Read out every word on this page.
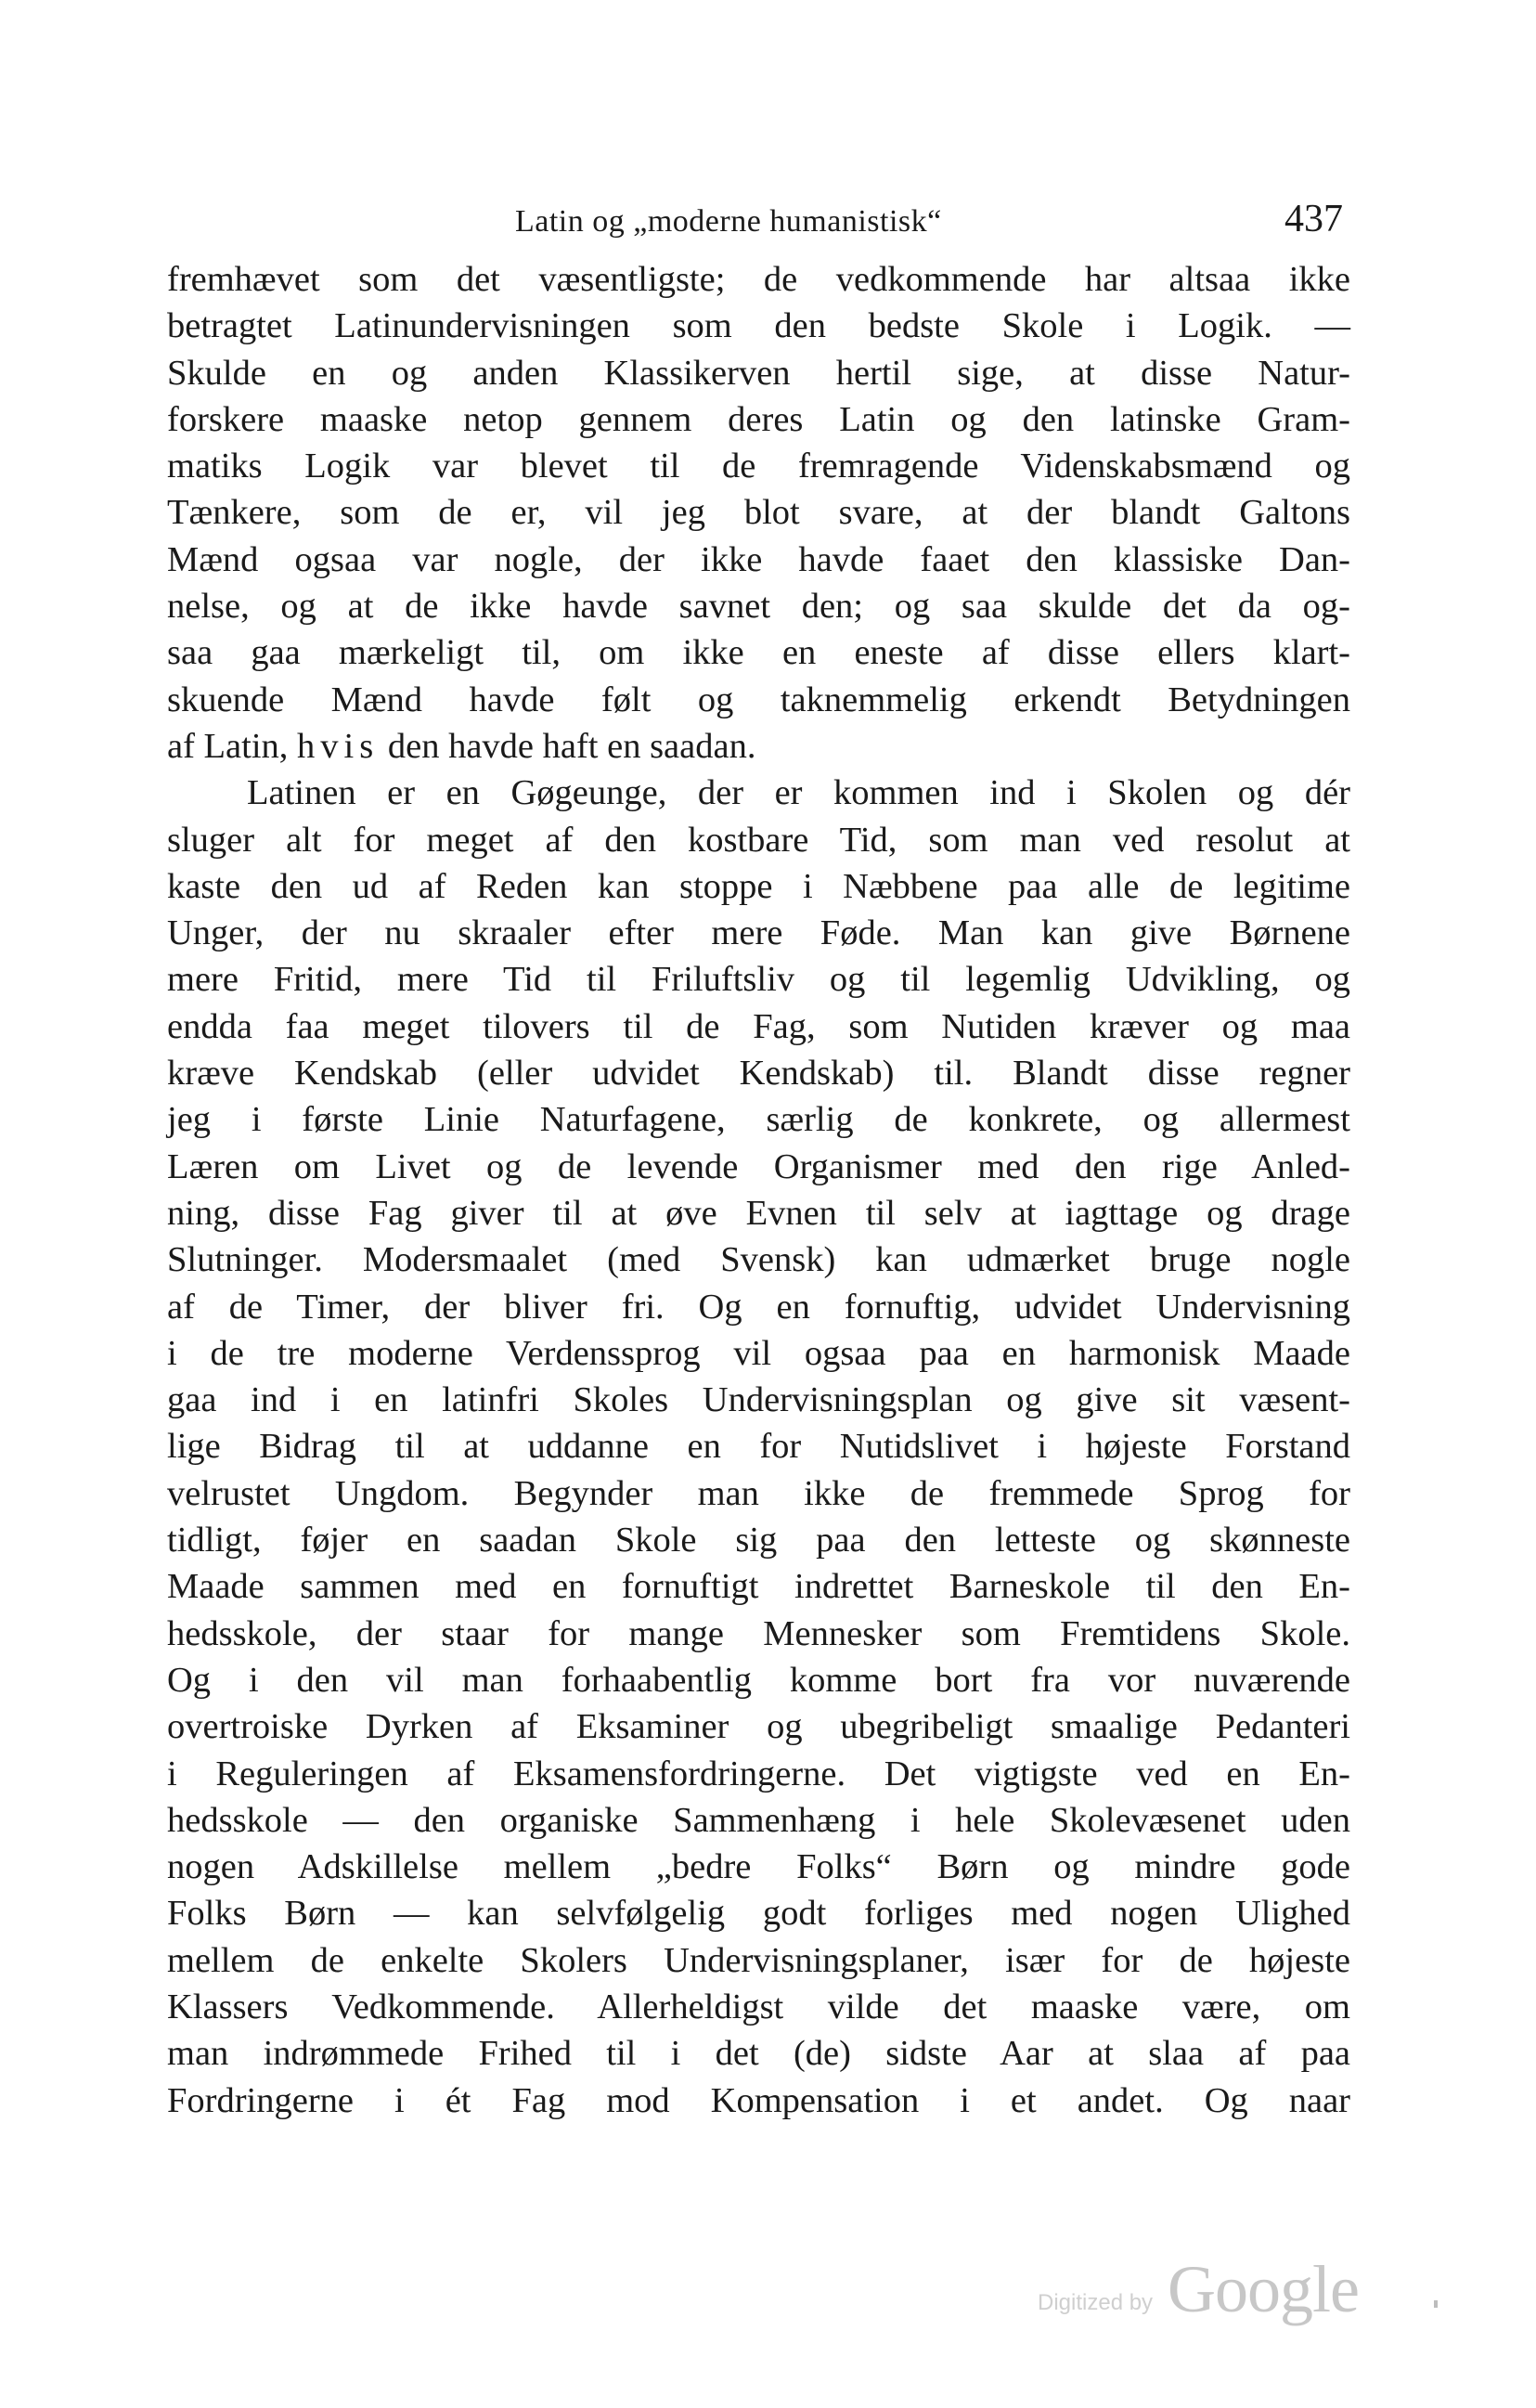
Latin og „moderne humanistisk“	437
fremhævet som det væsentligste; de vedkommende har altsaa ikke
betragtet Latinundervisningen som den bedste Skole i Logik. —
Skulde en og anden Klassikerven hertil sige, at disse Natur-
forskere maaske netop gennem deres Latin og den latinske Gram-
matiks Logik var blevet til de fremragende Videnskabsmænd og
Tænkere, som de er, vil jeg blot svare, at der blandt Galtons
Mænd ogsaa var nogle, der ikke havde faaet den klassiske Dan-
nelse, og at de ikke havde savnet den; og saa skulde det da og-
saa gaa mærkeligt til, om ikke en eneste af disse ellers klart-
skuende Mænd havde følt og taknemmelig erkendt Betydningen
af Latin, hvis den havde haft en saadan.
Latinen er en Gøgeunge, der er kommen ind i Skolen og dér
sluger alt for meget af den kostbare Tid, som man ved resolut at
kaste den ud af Reden kan stoppe i Næbbene paa alle de legitime
Unger, der nu skraaler efter mere Føde. Man kan give Børnene
mere Fritid, mere Tid til Friluftsliv og til legemlig Udvikling, og
endda faa meget tilovers til de Fag, som Nutiden kræver og maa
kræve Kendskab (eller udvidet Kendskab) til. Blandt disse regner
jeg i første Linie Naturfagene, særlig de konkrete, og allermest
Læren om Livet og de levende Organismer med den rige Anled-
ning, disse Fag giver til at øve Evnen til selv at iagttage og drage
Slutninger. Modersmaalet (med Svensk) kan udmærket bruge nogle
af de Timer, der bliver fri. Og en fornuftig, udvidet Undervisning
i de tre moderne Verdenssprog vil ogsaa paa en harmonisk Maade
gaa ind i en latinfri Skoles Undervisningsplan og give sit væsent-
lige Bidrag til at uddanne en for Nutidslivet i højeste Forstand
velrustet Ungdom. Begynder man ikke de fremmede Sprog for
tidligt, føjer en saadan Skole sig paa den letteste og skønneste
Maade sammen med en fornuftigt indrettet Barneskole til den En-
hedsskole, der staar for mange Mennesker som Fremtidens Skole.
Og i den vil man forhaabentlig komme bort fra vor nuværende
overtroiske Dyrken af Eksaminer og ubegribeligt smaalige Pedanteri
i Reguleringen af Eksamensfordringerne. Det vigtigste ved en En-
hedsskole — den organiske Sammenhæng i hele Skolevæsenet uden
nogen Adskillelse mellem „bedre Folks“ Børn og mindre gode
Folks Børn — kan selvfølgelig godt forliges med nogen Ulighed
mellem de enkelte Skolers Undervisningsplaner, især for de højeste
Klassers Vedkommende. Allerheldigst vilde det maaske være, om
man indrømmede Frihed til i det (de) sidste Aar at slaa af paa
Fordringerne i ét Fag mod Kompensation i et andet. Og naar
Digitized by Google
